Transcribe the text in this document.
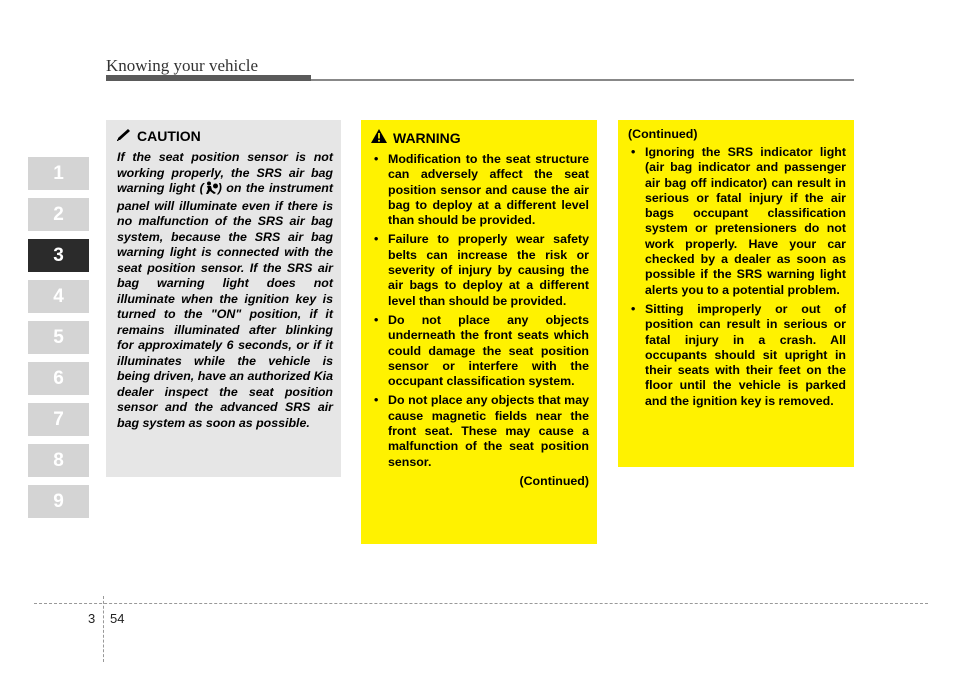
Knowing your vehicle
1
2
3
4
5
6
7
8
9
CAUTION
If the seat position sensor is not working properly, the SRS air bag warning light ( ) on the instrument panel will illuminate even if there is no malfunction of the SRS air bag system, because the SRS air bag warning light is connected with the seat position sensor. If the SRS air bag warning light does not illuminate when the ignition key is turned to the "ON" position, if it remains illuminated after blinking for approximately 6 seconds, or if it illuminates while the vehicle is being driven, have an authorized Kia dealer inspect the seat position sensor and the advanced SRS air bag system as soon as possible.
WARNING
• Modification to the seat structure can adversely affect the seat position sensor and cause the air bag to deploy at a different level than should be provided.
• Failure to properly wear safety belts can increase the risk or severity of injury by causing the air bags to deploy at a different level than should be provided.
• Do not place any objects underneath the front seats which could damage the seat position sensor or interfere with the occupant classification system.
• Do not place any objects that may cause magnetic fields near the front seat. These may cause a malfunction of the seat position sensor.
(Continued)
(Continued)
• Ignoring the SRS indicator light (air bag indicator and passenger air bag off indicator) can result in serious or fatal injury if the air bags occupant classification system or pretensioners do not work properly. Have your car checked by a dealer as soon as possible if the SRS warning light alerts you to a potential problem.
• Sitting improperly or out of position can result in serious or fatal injury in a crash. All occupants should sit upright in their seats with their feet on the floor until the vehicle is parked and the ignition key is removed.
3 54
